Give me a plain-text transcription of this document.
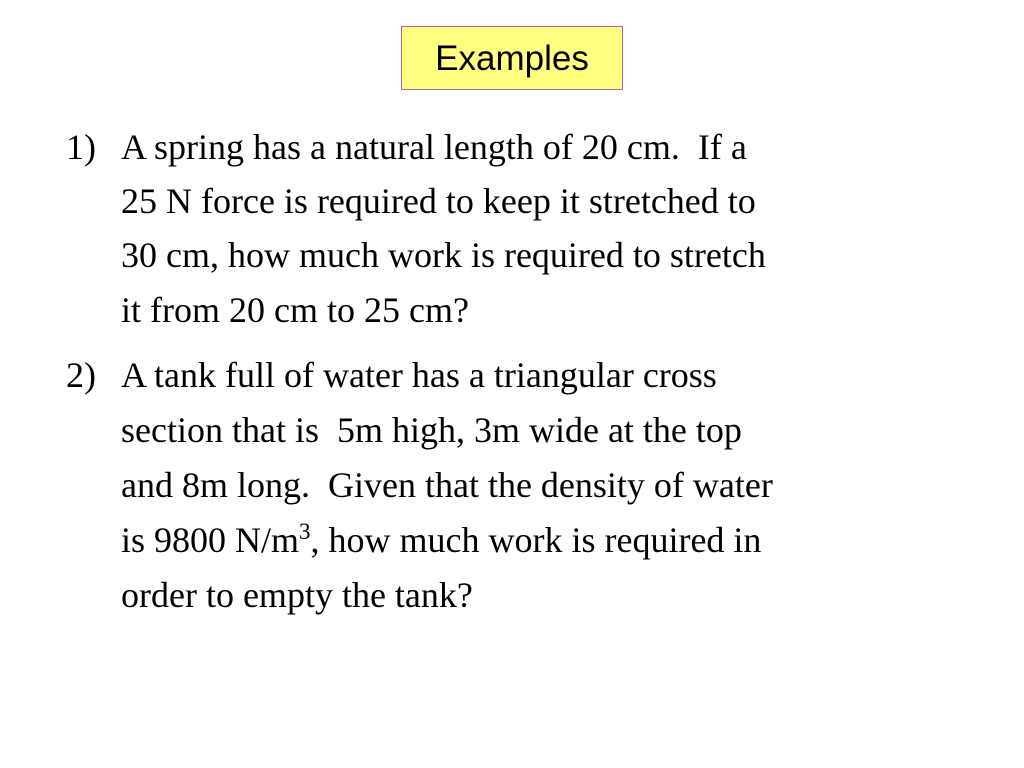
Examples
1) A spring has a natural length of 20 cm.  If a
25 N force is required to keep it stretched to
30 cm, how much work is required to stretch
it from 20 cm to 25 cm?
2) A tank full of water has a triangular cross
section that is  5m high, 3m wide at the top
and 8m long.  Given that the density of water
is 9800 $N/m^3$, how much work is required in
order to empty the tank?
